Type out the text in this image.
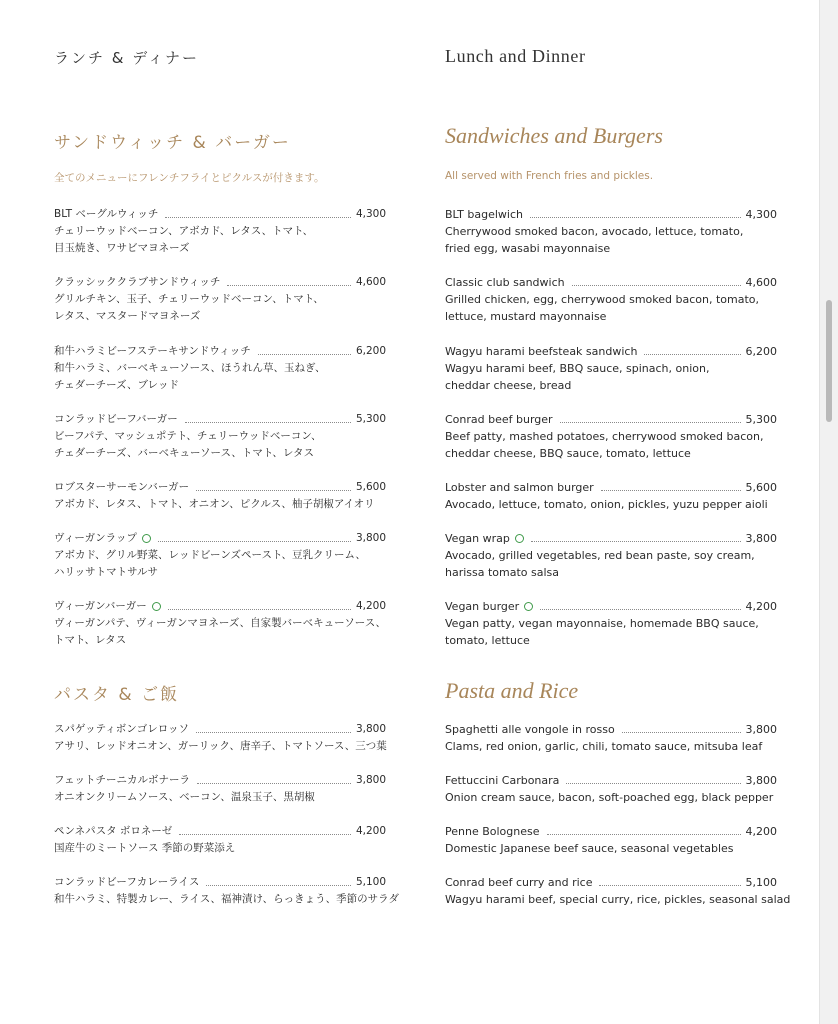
ランチ & ディナー
サンドウィッチ & バーガー
全てのメニューにフレンチフライとピクルスが付きます。
パスタ & ご飯
BLT ベーグルウィッチ	4,300
チェリーウッドベーコン、アボカド、レタス、トマト、
目玉焼き、ワサビマヨネーズ
クラッシッククラブサンドウィッチ	4,600
グリルチキン、玉子、チェリーウッドベーコン、トマト、
レタス、マスタードマヨネーズ
和牛ハラミビーフステーキサンドウィッチ	6,200
和牛ハラミ、バーベキューソース、ほうれん草、玉ねぎ、
チェダーチーズ、ブレッド
コンラッドビーフバーガー	5,300
ビーフパテ、マッシュポテト、チェリーウッドベーコン、
チェダーチーズ、バーベキューソース、トマト、レタス
ロブスターサーモンバーガー	5,600
アボカド、レタス、トマト、オニオン、ピクルス、柚子胡椒アイオリ
ヴィーガンラップ	3,800
アボカド、グリル野菜、レッドビーンズペースト、豆乳クリーム、
ハリッサトマトサルサ
ヴィーガンバーガー	4,200
ヴィーガンパテ、ヴィーガンマヨネーズ、自家製バーベキューソース、
トマト、レタス
スパゲッティボンゴレロッソ	3,800
アサリ、レッドオニオン、ガーリック、唐辛子、トマトソース、三つ葉
フェットチーニカルボナーラ	3,800
オニオンクリームソース、ベーコン、温泉玉子、黒胡椒
ペンネパスタ ボロネーゼ	4,200
国産牛のミートソース 季節の野菜添え
コンラッドビーフカレーライス	5,100
和牛ハラミ、特製カレー、ライス、福神漬け、らっきょう、季節のサラダ
Lunch and Dinner
Sandwiches and Burgers
All served with French fries and pickles.
Pasta and Rice
BLT bagelwich	4,300
Cherrywood smoked bacon, avocado, lettuce, tomato,
fried egg, wasabi mayonnaise
Classic club sandwich	4,600
Grilled chicken, egg, cherrywood smoked bacon, tomato,
lettuce, mustard mayonnaise
Wagyu harami beefsteak sandwich	6,200
Wagyu harami beef, BBQ sauce, spinach, onion,
cheddar cheese, bread
Conrad beef burger	5,300
Beef patty, mashed potatoes, cherrywood smoked bacon,
cheddar cheese, BBQ sauce, tomato, lettuce
Lobster and salmon burger	5,600
Avocado, lettuce, tomato, onion, pickles, yuzu pepper aioli
Vegan wrap	3,800
Avocado, grilled vegetables, red bean paste, soy cream,
harissa tomato salsa
Vegan burger	4,200
Vegan patty, vegan mayonnaise, homemade BBQ sauce,
tomato, lettuce
Spaghetti alle vongole in rosso	3,800
Clams, red onion, garlic, chili, tomato sauce, mitsuba leaf
Fettuccini Carbonara	3,800
Onion cream sauce, bacon, soft-poached egg, black pepper
Penne Bolognese	4,200
Domestic Japanese beef sauce, seasonal vegetables
Conrad beef curry and rice	5,100
Wagyu harami beef, special curry, rice, pickles, seasonal salad
